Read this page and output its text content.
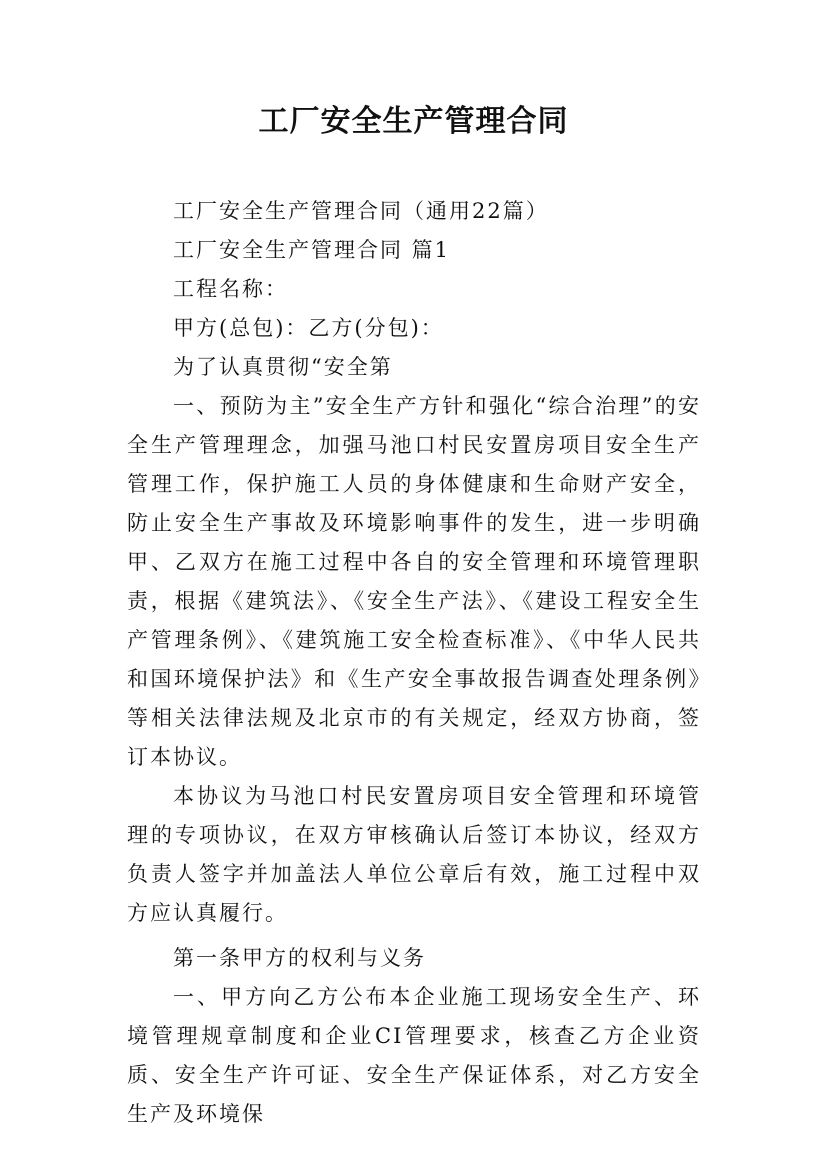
工厂安全生产管理合同

工厂安全生产管理合同（通用22篇）

工厂安全生产管理合同 篇1

工程名称：

甲方(总包)：乙方(分包)：

为了认真贯彻“安全第

一、预防为主”安全生产方针和强化“综合治理”的安全生产管理理念，加强马池口村民安置房项目安全生产管理工作，保护施工人员的身体健康和生命财产安全，防止安全生产事故及环境影响事件的发生，进一步明确甲、乙双方在施工过程中各自的安全管理和环境管理职责，根据《建筑法》、《安全生产法》、《建设工程安全生产管理条例》、《建筑施工安全检查标准》、《中华人民共和国环境保护法》和《生产安全事故报告调查处理条例》等相关法律法规及北京市的有关规定，经双方协商，签订本协议。

本协议为马池口村民安置房项目安全管理和环境管理的专项协议，在双方审核确认后签订本协议，经双方负责人签字并加盖法人单位公章后有效，施工过程中双方应认真履行。

第一条甲方的权利与义务

一、甲方向乙方公布本企业施工现场安全生产、环境管理规章制度和企业CI管理要求，核查乙方企业资质、安全生产许可证、安全生产保证体系，对乙方安全生产及环境保
